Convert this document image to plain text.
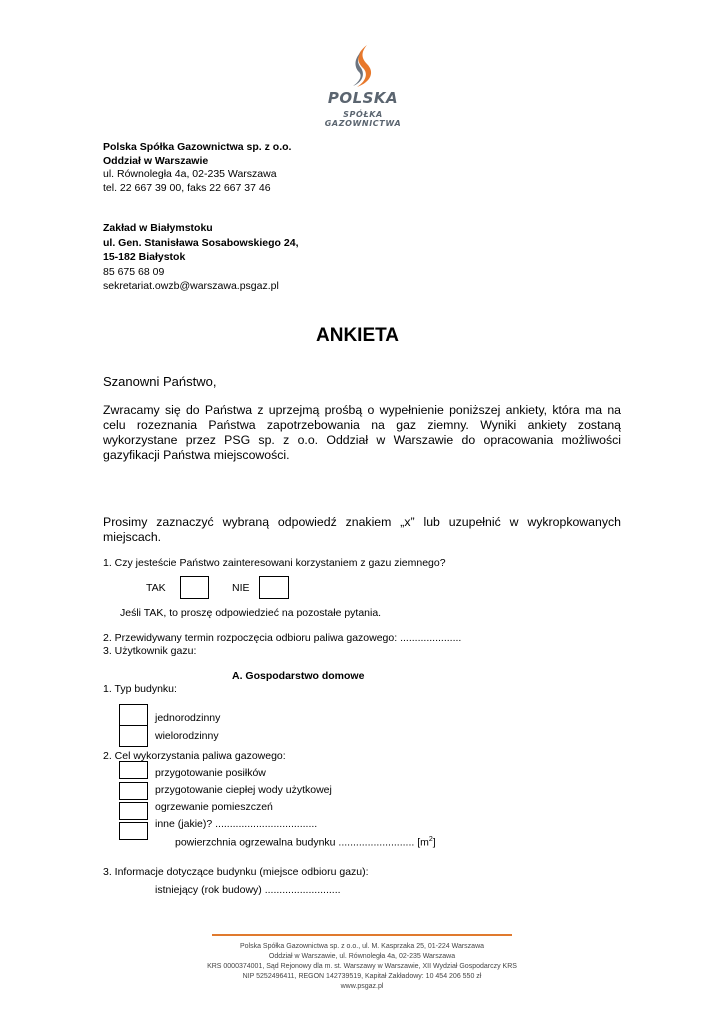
POLSKA
SPÓŁKA GAZOWNICTWA
Polska Spółka Gazownictwa sp. z o.o.
Oddział w Warszawie
ul. Równoległa 4a, 02-235 Warszawa
tel. 22 667 39 00, faks 22 667 37 46
Zakład w Białymstoku
ul. Gen. Stanisława Sosabowskiego 24,
15-182 Białystok
85 675 68 09
sekretariat.owzb@warszawa.psgaz.pl
ANKIETA
Szanowni Państwo,
Zwracamy się do Państwa z uprzejmą prośbą o wypełnienie poniższej ankiety, która ma na celu rozeznania Państwa zapotrzebowania na gaz ziemny. Wyniki ankiety zostaną wykorzystane przez PSG sp. z o.o. Oddział w Warszawie do opracowania możliwości gazyfikacji Państwa miejscowości.
Prosimy zaznaczyć wybraną odpowiedź znakiem „x” lub uzupełnić w wykropkowanych miejscach.
1. Czy jesteście Państwo zainteresowani korzystaniem z gazu ziemnego?
TAK	NIE
Jeśli TAK, to proszę odpowiedzieć na pozostałe pytania.
2. Przewidywany termin rozpoczęcia odbioru paliwa gazowego: .....................
3. Użytkownik gazu:
A. Gospodarstwo domowe
1. Typ budynku:
jednorodzinny
wielorodzinny
2. Cel wykorzystania paliwa gazowego:
przygotowanie posiłków
przygotowanie ciepłej wody użytkowej
ogrzewanie pomieszczeń
inne (jakie)? ...................................
powierzchnia ogrzewalna budynku .......................... $[m^2]$
3. Informacje dotyczące budynku (miejsce odbioru gazu):
istniejący (rok budowy) ..........................
Polska Spółka Gazownictwa sp. z o.o., ul. M. Kasprzaka 25, 01-224 Warszawa
Oddział w Warszawie, ul. Równoległa 4a, 02-235 Warszawa
KRS 0000374001, Sąd Rejonowy dla m. st. Warszawy w Warszawie, XII Wydział Gospodarczy KRS
NIP 5252496411, REGON 142739519, Kapitał Zakładowy: 10 454 206 550 zł
www.psgaz.pl
